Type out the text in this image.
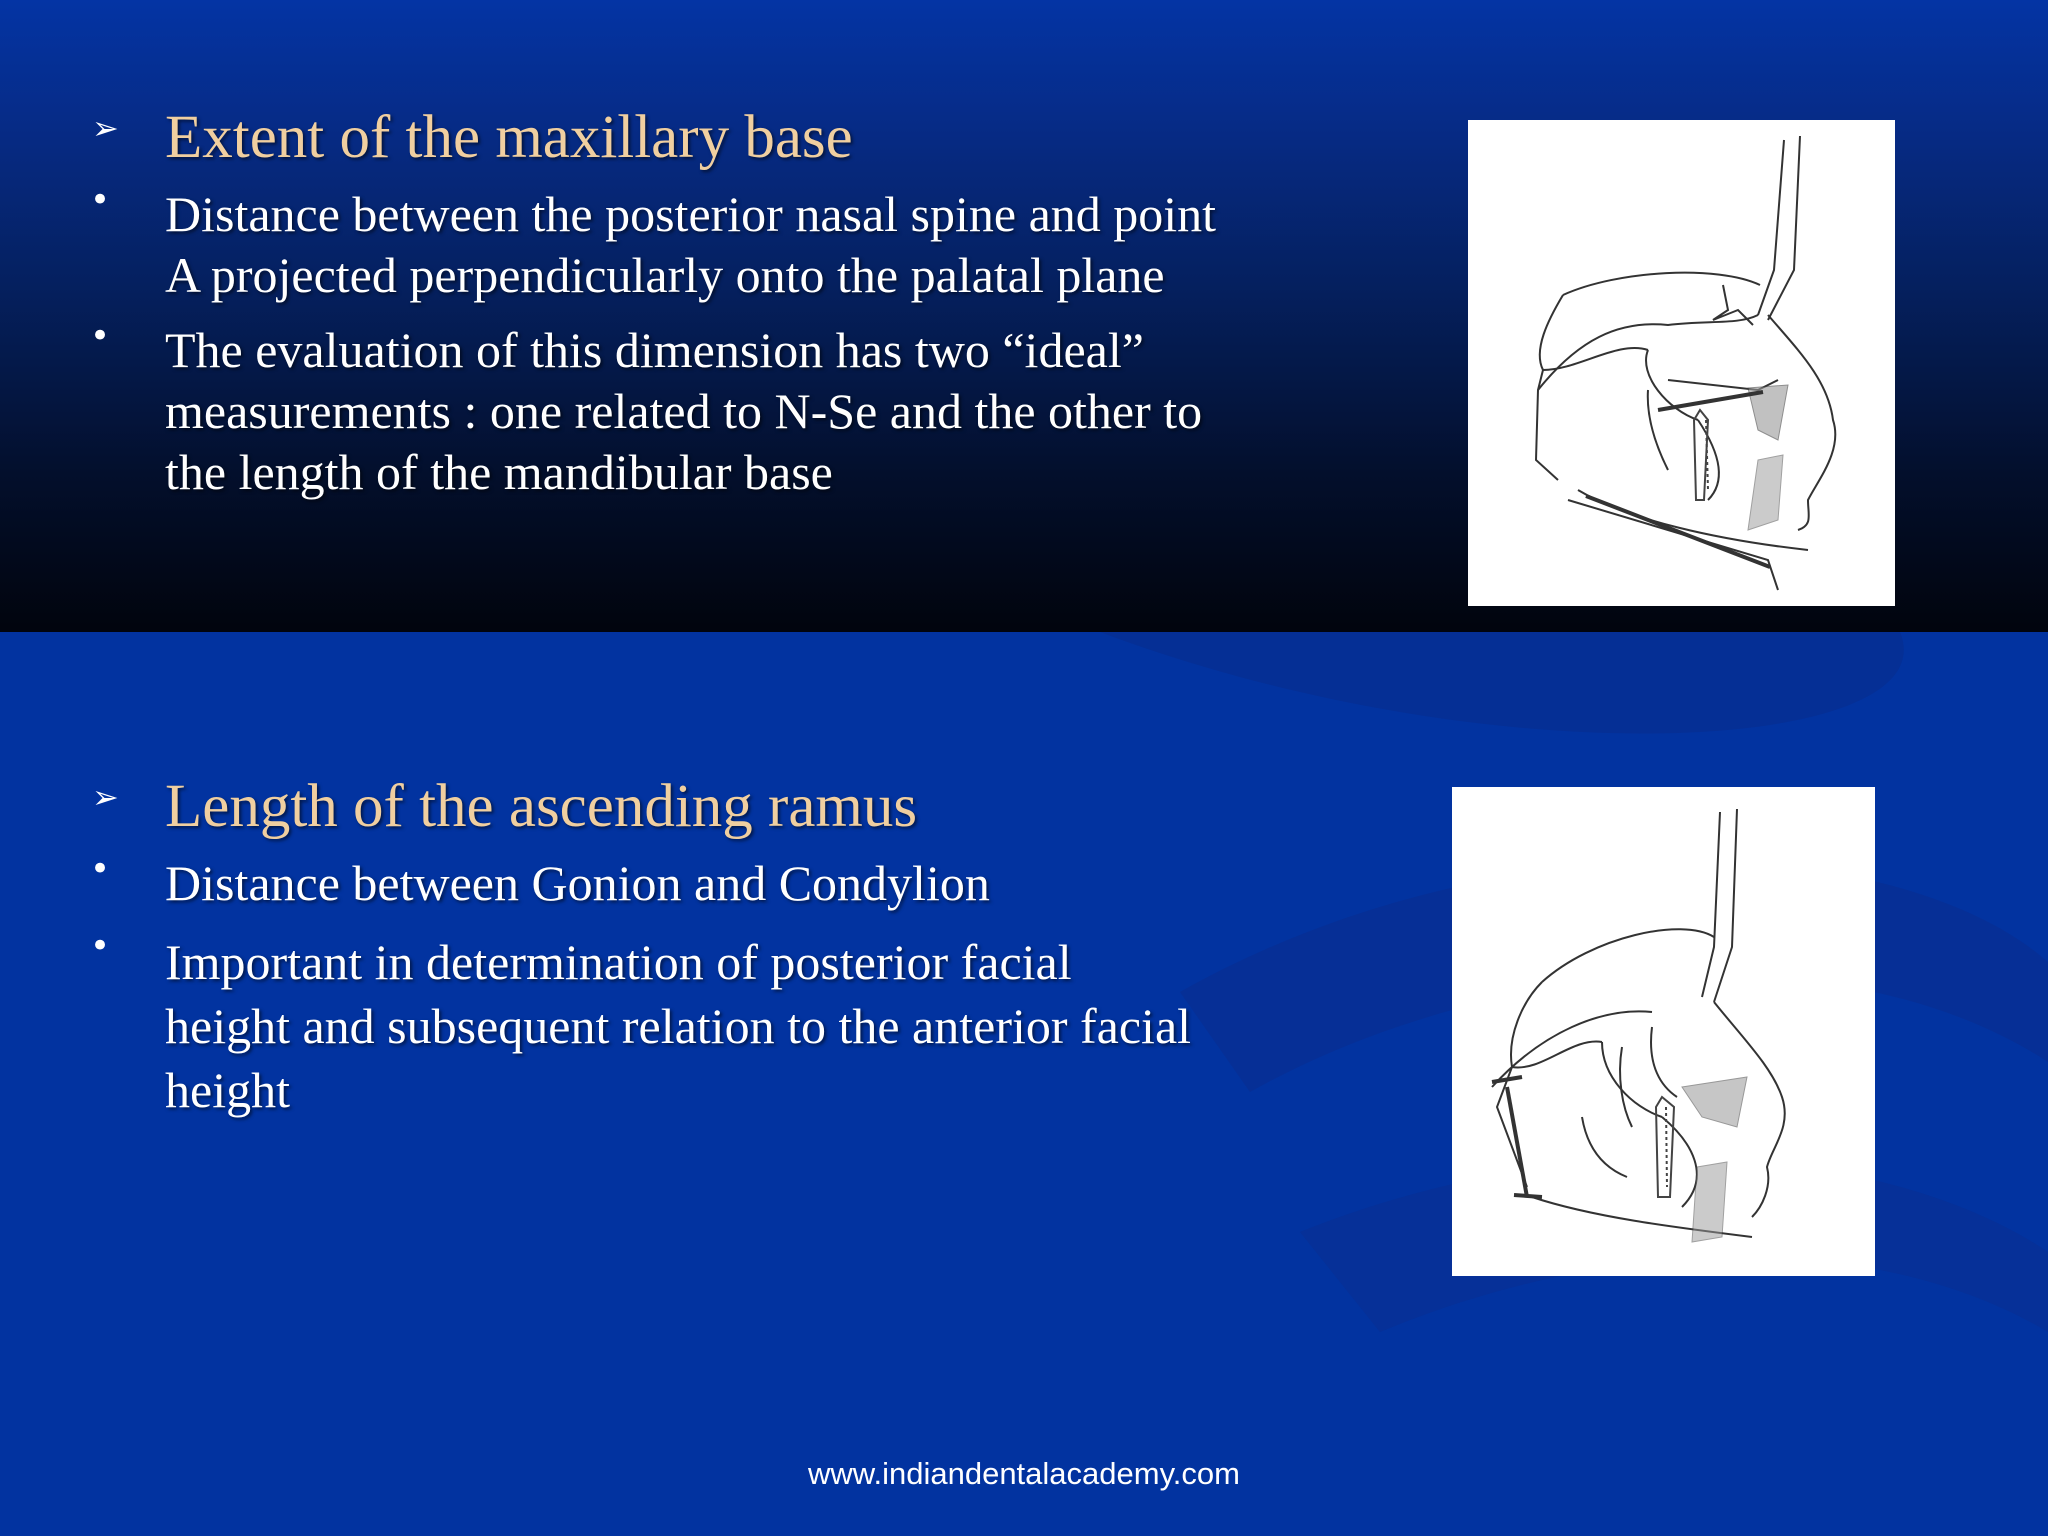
➢ Extent of the maxillary base
• Distance between the posterior nasal spine and point A projected perpendicularly onto the palatal plane
• The evaluation of this dimension has two “ideal” measurements : one related to N-Se and the other to the length of the mandibular base
➢ Length of the ascending ramus
• Distance between Gonion and Condylion
• Important in determination of posterior facial height and subsequent relation to the anterior facial height
www.indiandentalacademy.com
